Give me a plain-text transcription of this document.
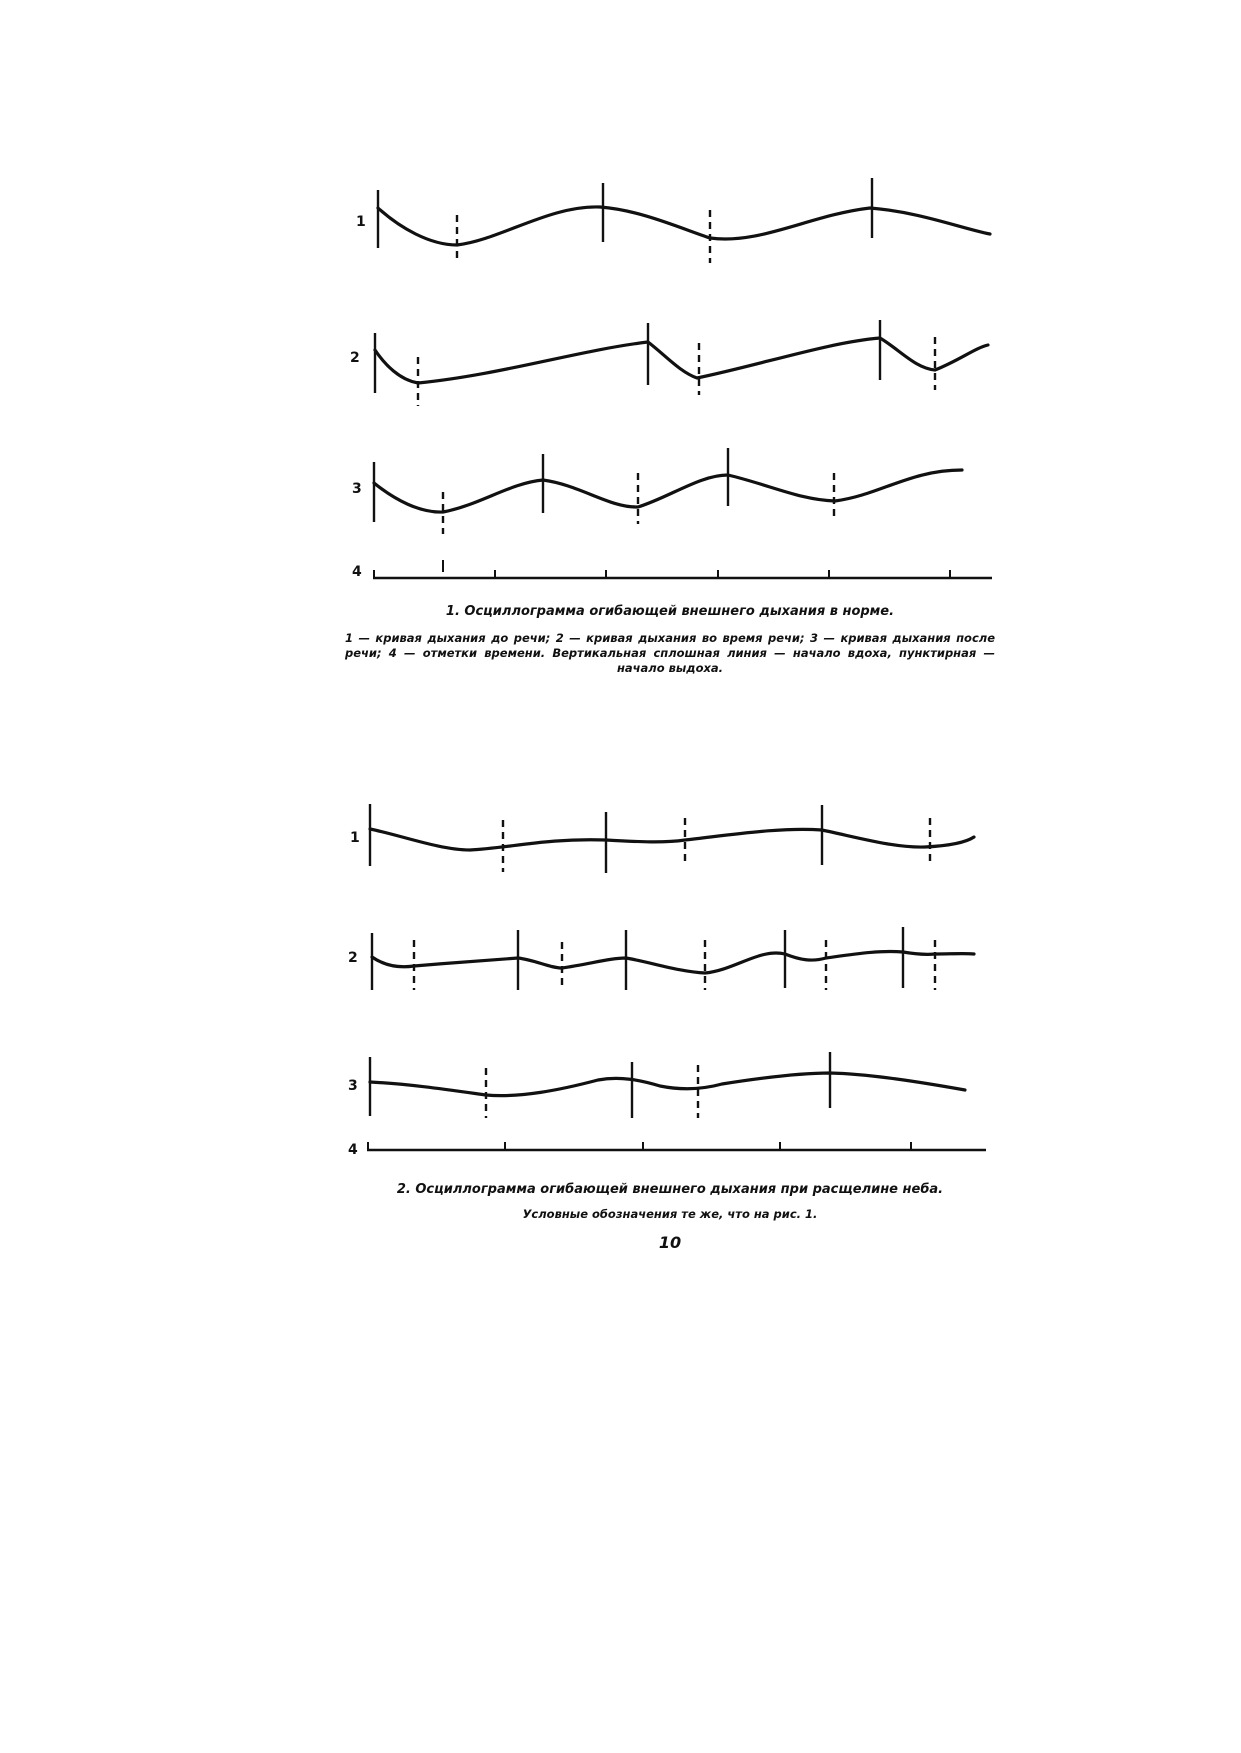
1
2
3
4

1. Осциллограмма огибающей внешнего дыхания в норме.

1 — кривая дыхания до речи; 2 — кривая дыхания во время речи; 3 — кривая дыхания после речи; 4 — отметки времени. Вертикальная сплошная линия — начало вдоха, пунктирная — начало выдоха.

1
2
3
4

2. Осциллограмма огибающей внешнего дыхания при расщелине неба.

Условные обозначения те же, что на рис. 1.

10
